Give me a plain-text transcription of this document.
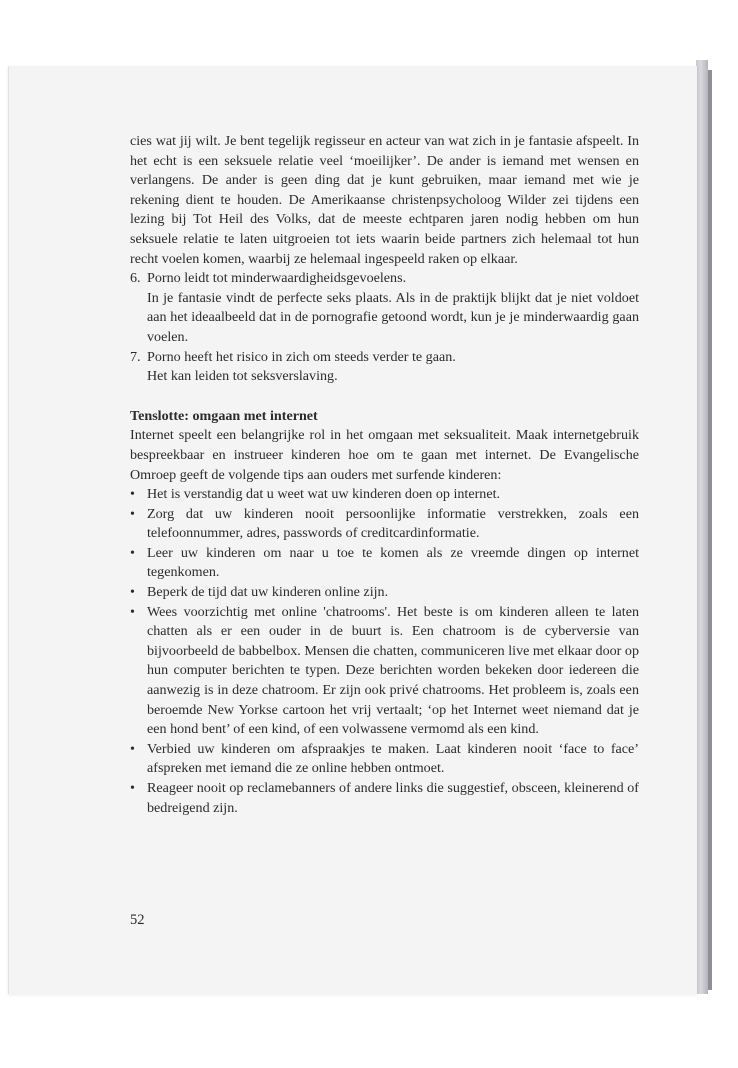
cies wat jij wilt. Je bent tegelijk regisseur en acteur van wat zich in je fantasie afspeelt. In het echt is een seksuele relatie veel ‘moeilijker’. De ander is iemand met wensen en verlangens. De ander is geen ding dat je kunt gebruiken, maar iemand met wie je rekening dient te houden. De Amerikaanse christenpsycholoog Wilder zei tijdens een lezing bij Tot Heil des Volks, dat de meeste echtparen jaren nodig hebben om hun seksuele relatie te laten uitgroeien tot iets waarin beide partners zich helemaal tot hun recht voelen komen, waarbij ze helemaal ingespeeld raken op elkaar.

6. Porno leidt tot minderwaardigheidsgevoelens.
In je fantasie vindt de perfecte seks plaats. Als in de praktijk blijkt dat je niet voldoet aan het ideaalbeeld dat in de pornografie getoond wordt, kun je je minderwaardig gaan voelen.
7. Porno heeft het risico in zich om steeds verder te gaan.
Het kan leiden tot seksverslaving.
Tenslotte: omgaan met internet

Internet speelt een belangrijke rol in het omgaan met seksualiteit. Maak internetgebruik bespreekbaar en instrueer kinderen hoe om te gaan met internet. De Evangelische Omroep geeft de volgende tips aan ouders met surfende kinderen:

• Het is verstandig dat u weet wat uw kinderen doen op internet.
• Zorg dat uw kinderen nooit persoonlijke informatie verstrekken, zoals een telefoonnummer, adres, passwords of creditcardinformatie.
• Leer uw kinderen om naar u toe te komen als ze vreemde dingen op internet tegenkomen.
• Beperk de tijd dat uw kinderen online zijn.
• Wees voorzichtig met online 'chatrooms'. Het beste is om kinderen alleen te laten chatten als er een ouder in de buurt is. Een chatroom is de cyberversie van bijvoorbeeld de babbelbox. Mensen die chatten, communiceren live met elkaar door op hun computer berichten te typen. Deze berichten worden bekeken door iedereen die aanwezig is in deze chatroom. Er zijn ook privé chatrooms. Het probleem is, zoals een beroemde New Yorkse cartoon het vrij vertaalt; ‘op het Internet weet niemand dat je een hond bent’ of een kind, of een volwassene vermomd als een kind.
• Verbied uw kinderen om afspraakjes te maken. Laat kinderen nooit ‘face to face’ afspreken met iemand die ze online hebben ontmoet.
• Reageer nooit op reclamebanners of andere links die suggestief, obsceen, kleinerend of bedreigend zijn.
52
